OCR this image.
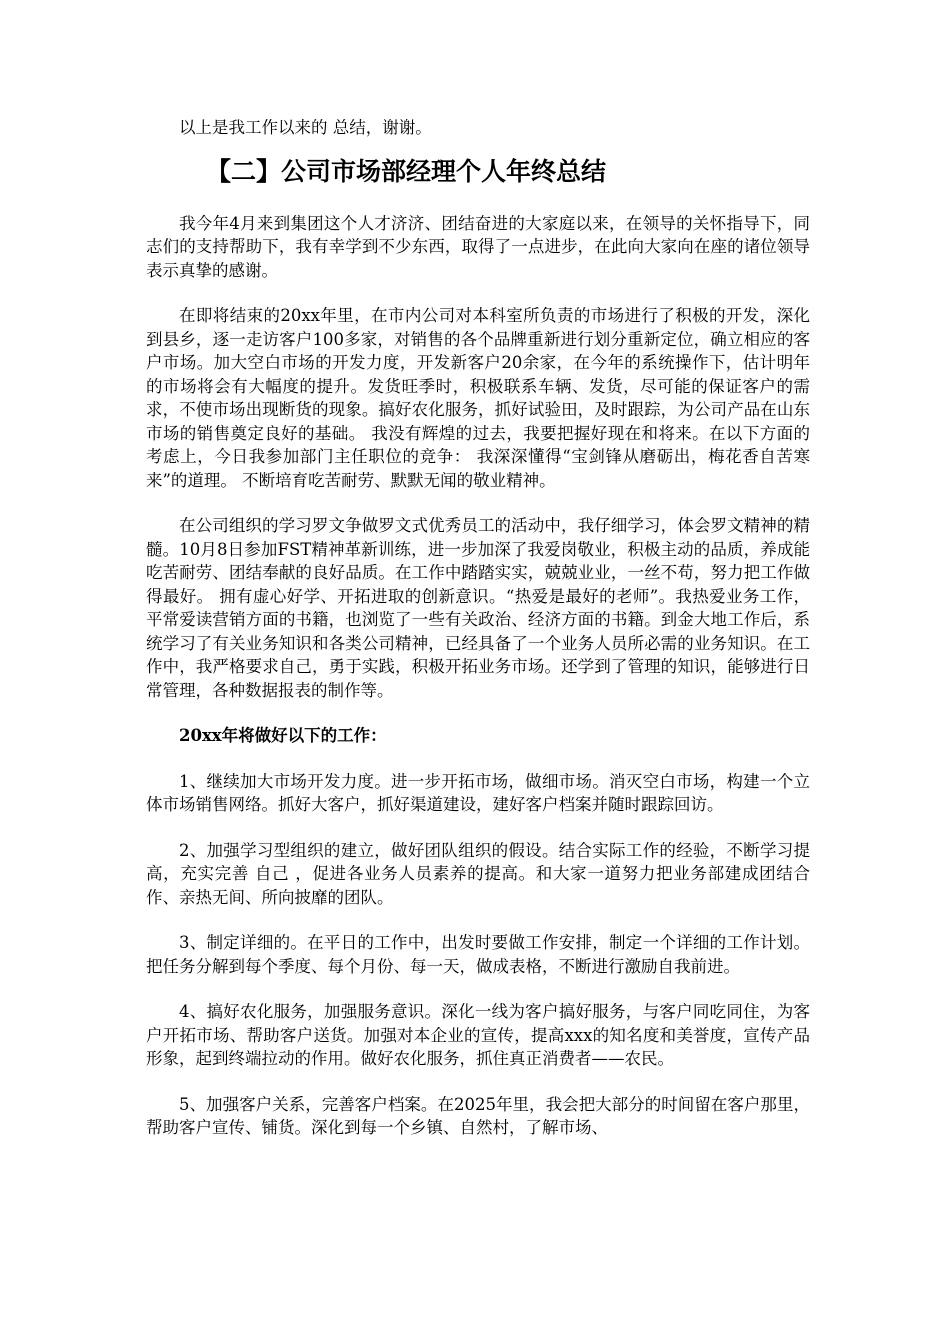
以上是我工作以来的 总结，谢谢。

【二】公司市场部经理个人年终总结

我今年4月来到集团这个人才济济、团结奋进的大家庭以来，在领导的关怀指导下，同志们的支持帮助下，我有幸学到不少东西，取得了一点进步，在此向大家向在座的诸位领导表示真挚的感谢。

在即将结束的20xx年里，在市内公司对本科室所负责的市场进行了积极的开发，深化到县乡，逐一走访客户100多家，对销售的各个品牌重新进行划分重新定位，确立相应的客户市场。加大空白市场的开发力度，开发新客户20余家，在今年的系统操作下，估计明年的市场将会有大幅度的提升。发货旺季时，积极联系车辆、发货，尽可能的保证客户的需求，不使市场出现断货的现象。搞好农化服务，抓好试验田，及时跟踪，为公司产品在山东市场的销售奠定良好的基础。 我没有辉煌的过去，我要把握好现在和将来。在以下方面的考虑上，今日我参加部门主任职位的竞争： 我深深懂得“宝剑锋从磨砺出，梅花香自苦寒来”的道理。 不断培育吃苦耐劳、默默无闻的敬业精神。

在公司组织的学习罗文争做罗文式优秀员工的活动中，我仔细学习，体会罗文精神的精髓。10月8日参加FST精神革新训练，进一步加深了我爱岗敬业，积极主动的品质，养成能吃苦耐劳、团结奉献的良好品质。在工作中踏踏实实，兢兢业业，一丝不苟，努力把工作做得最好。 拥有虚心好学、开拓进取的创新意识。“热爱是最好的老师”。我热爱业务工作，平常爱读营销方面的书籍，也浏览了一些有关政治、经济方面的书籍。到金大地工作后，系统学习了有关业务知识和各类公司精神，已经具备了一个业务人员所必需的业务知识。在工作中，我严格要求自己，勇于实践，积极开拓业务市场。还学到了管理的知识，能够进行日常管理，各种数据报表的制作等。

20xx年将做好以下的工作：

1、继续加大市场开发力度。进一步开拓市场，做细市场。消灭空白市场，构建一个立体市场销售网络。抓好大客户，抓好渠道建设，建好客户档案并随时跟踪回访。

2、加强学习型组织的建立，做好团队组织的假设。结合实际工作的经验，不断学习提高，充实完善 自己 ，促进各业务人员素养的提高。和大家一道努力把业务部建成团结合作、亲热无间、所向披靡的团队。

3、制定详细的。在平日的工作中，出发时要做工作安排，制定一个详细的工作计划。把任务分解到每个季度、每个月份、每一天，做成表格，不断进行激励自我前进。

4、搞好农化服务，加强服务意识。深化一线为客户搞好服务，与客户同吃同住，为客户开拓市场、帮助客户送货。加强对本企业的宣传，提高xxx的知名度和美誉度，宣传产品形象，起到终端拉动的作用。做好农化服务，抓住真正消费者——农民。

5、加强客户关系，完善客户档案。在2025年里，我会把大部分的时间留在客户那里，帮助客户宣传、铺货。深化到每一个乡镇、自然村，了解市场、
